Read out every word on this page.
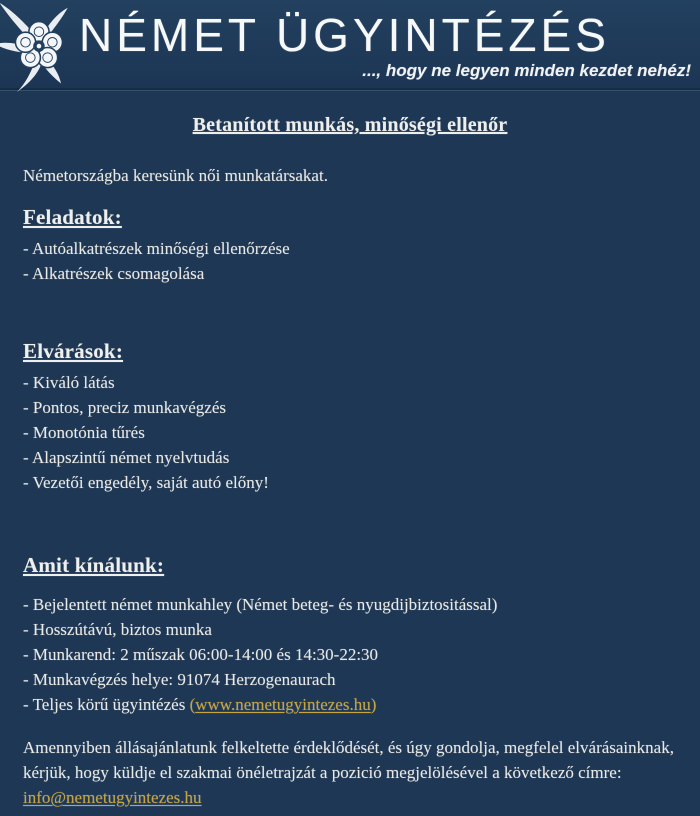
NÉMET ÜGYINTÉZÉS
..., hogy ne legyen minden kezdet nehéz!
Betanított munkás, minőségi ellenőr

Németországba keresünk női munkatársakat.

Feladatok:
- Autóalkatrészek minőségi ellenőrzése
- Alkatrészek csomagolása
Elvárások:
- Kiváló látás
- Pontos, preciz munkavégzés
- Monotónia tűrés
- Alapszintű német nyelvtudás
- Vezetői engedély, saját autó előny!
Amit kínálunk:
- Bejelentett német munkahley (Német beteg- és nyugdijbiztositással)
- Hosszútávú, biztos munka
- Munkarend: 2 műszak 06:00-14:00 és 14:30-22:30
- Munkavégzés helye: 91074 Herzogenaurach
- Teljes körű ügyintézés (www.nemetugyintezes.hu)

Amennyiben állásajánlatunk felkeltette érdeklődését, és úgy gondolja, megfelel elvárásainknak, kérjük, hogy küldje el szakmai önéletrajzát a pozició megjelölésével a következő címre:
info@nemetugyintezes.hu
